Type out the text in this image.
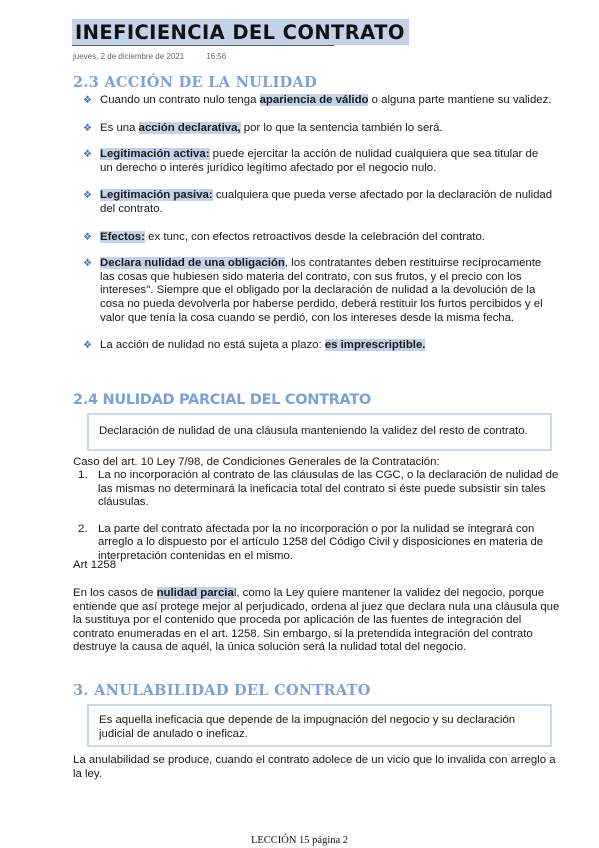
INEFICIENCIA DEL CONTRATO
jueves, 2 de diciembre de 2021	16:56
2.3 ACCIÓN DE LA NULIDAD
❖ Cuando un contrato nulo tenga apariencia de válido o alguna parte mantiene su validez.
❖ Es una acción declarativa, por lo que la sentencia también lo será.
❖ Legitimación activa: puede ejercitar la acción de nulidad cualquiera que sea titular de un derecho o interés jurídico legítimo afectado por el negocio nulo.
❖ Legitimación pasiva: cualquiera que pueda verse afectado por la declaración de nulidad del contrato.
❖ Efectos: ex tunc, con efectos retroactivos desde la celebración del contrato.
❖ Declara nulidad de una obligación, los contratantes deben restituirse recíprocamente las cosas que hubiesen sido materia del contrato, con sus frutos, y el precio con los intereses". Siempre que el obligado por la declaración de nulidad a la devolución de la cosa no pueda devolverla por haberse perdido, deberá restituir los furtos percibidos y el valor que tenía la cosa cuando se perdió, con los intereses desde la misma fecha.
❖ La acción de nulidad no está sujeta a plazo: es imprescriptible.
2.4 NULIDAD PARCIAL DEL CONTRATO
Declaración de nulidad de una cláusula manteniendo la validez del resto de contrato.
Caso del art. 10 Ley 7/98, de Condiciones Generales de la Contratación:
1. La no incorporación al contrato de las cláusulas de las CGC, o la declaración de nulidad de las mismas no determinará la ineficacia total del contrato si éste puede subsistir sin tales cláusulas.
2. La parte del contrato afectada por la no incorporación o por la nulidad se integrará con arreglo a lo dispuesto por el artículo 1258 del Código Civil y disposiciones en materia de interpretación contenidas en el mismo.
Art 1258
En los casos de nulidad parcial, como la Ley quiere mantener la validez del negocio, porque entiende que así protege mejor al perjudicado, ordena al juez que declara nula una cláusula que la sustituya por el contenido que proceda por aplicación de las fuentes de integración del contrato enumeradas en el art. 1258. Sin embargo, si la pretendida integración del contrato destruye la causa de aquél, la única solución será la nulidad total del negocio.
3. ANULABILIDAD DEL CONTRATO
Es aquella ineficacia que depende de la impugnación del negocio y su declaración judicial de anulado o ineficaz.
La anulabilidad se produce, cuando el contrato adolece de un vicio que lo invalida con arreglo a la ley.
LECCIÓN 15 página 2
